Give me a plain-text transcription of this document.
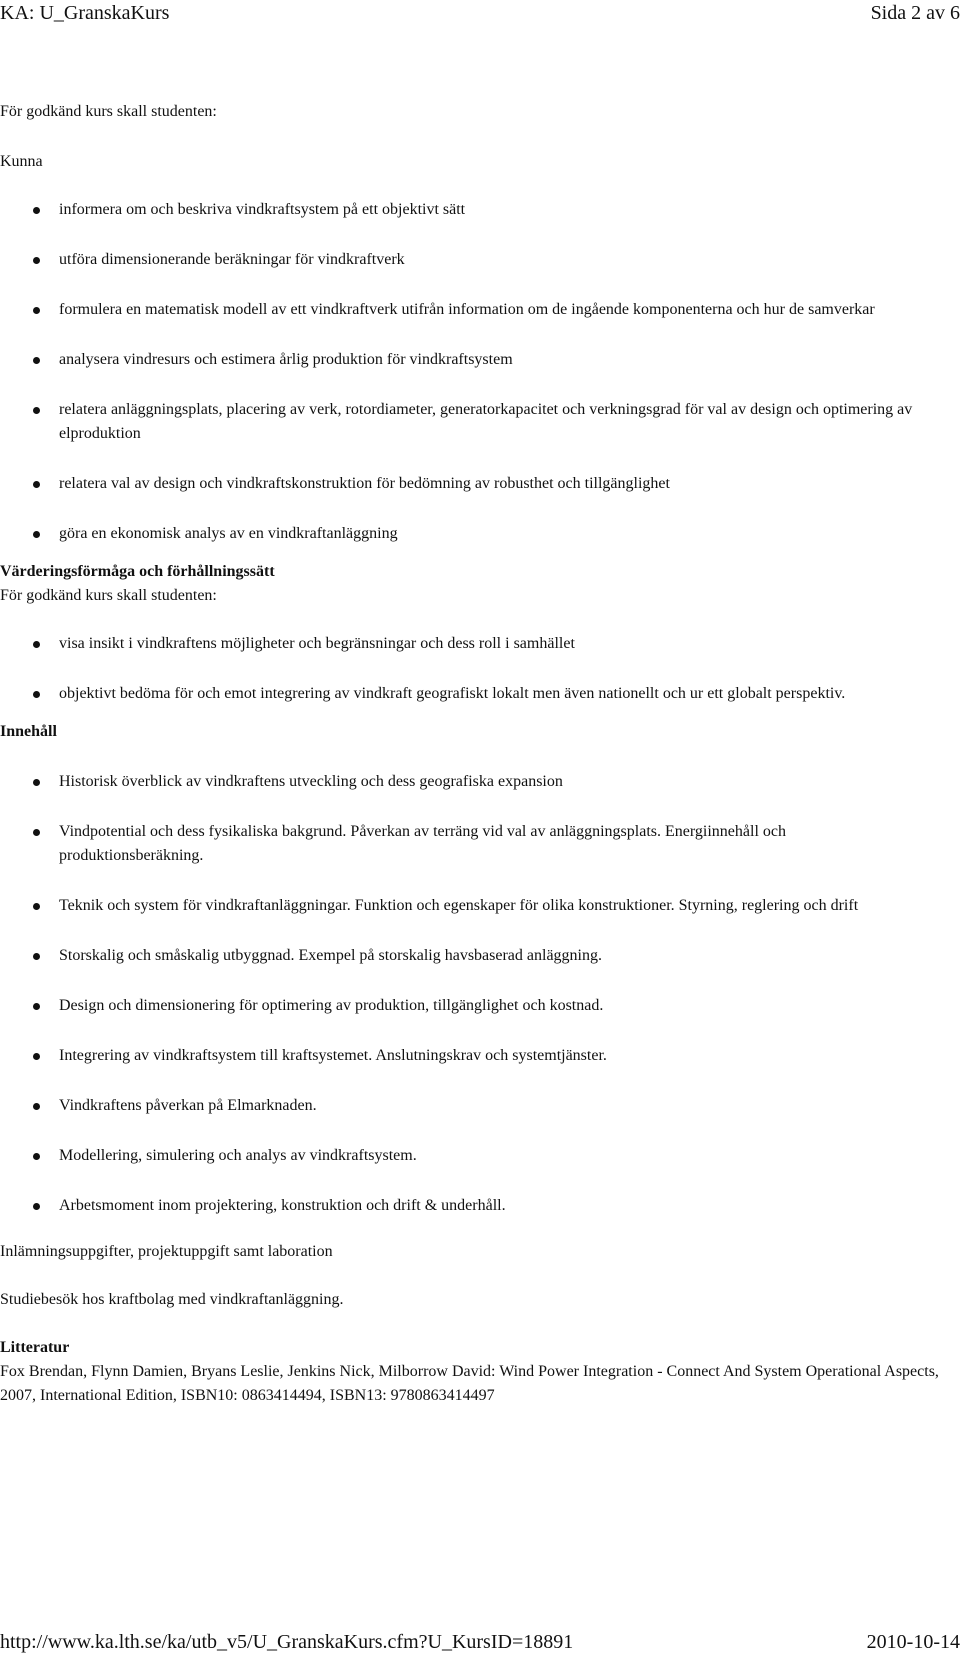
KA: U_GranskaKurs	Sida 2 av 6

För godkänd kurs skall studenten:

Kunna

informera om och beskriva vindkraftsystem på ett objektivt sätt
utföra dimensionerande beräkningar för vindkraftverk
formulera en matematisk modell av ett vindkraftverk utifrån information om de ingående komponenterna och hur de samverkar
analysera vindresurs och estimera årlig produktion för vindkraftsystem
relatera anläggningsplats, placering av verk, rotordiameter, generatorkapacitet och verkningsgrad för val av design och optimering av elproduktion
relatera val av design och vindkraftskonstruktion för bedömning av robusthet och tillgänglighet
göra en ekonomisk analys av en vindkraftanläggning

Värderingsförmåga och förhållningssätt

För godkänd kurs skall studenten:

visa insikt i vindkraftens möjligheter och begränsningar och dess roll i samhället
objektivt bedöma för och emot integrering av vindkraft geografiskt lokalt men även nationellt och ur ett globalt perspektiv.

Innehåll

Historisk överblick av vindkraftens utveckling och dess geografiska expansion
Vindpotential och dess fysikaliska bakgrund. Påverkan av terräng vid val av anläggningsplats. Energiinnehåll och produktionsberäkning.
Teknik och system för vindkraftanläggningar. Funktion och egenskaper för olika konstruktioner. Styrning, reglering och drift
Storskalig och småskalig utbyggnad. Exempel på storskalig havsbaserad anläggning.
Design och dimensionering för optimering av produktion, tillgänglighet och kostnad.
Integrering av vindkraftsystem till kraftsystemet. Anslutningskrav och systemtjänster.
Vindkraftens påverkan på Elmarknaden.
Modellering, simulering och analys av vindkraftsystem.
Arbetsmoment inom projektering, konstruktion och drift & underhåll.

Inlämningsuppgifter, projektuppgift samt laboration

Studiebesök hos kraftbolag med vindkraftanläggning.

Litteratur

Fox Brendan, Flynn Damien, Bryans Leslie, Jenkins Nick, Milborrow David: Wind Power Integration - Connect And System Operational Aspects, 2007, International Edition, ISBN10: 0863414494, ISBN13: 9780863414497

http://www.ka.lth.se/ka/utb_v5/U_GranskaKurs.cfm?U_KursID=18891	2010-10-14
